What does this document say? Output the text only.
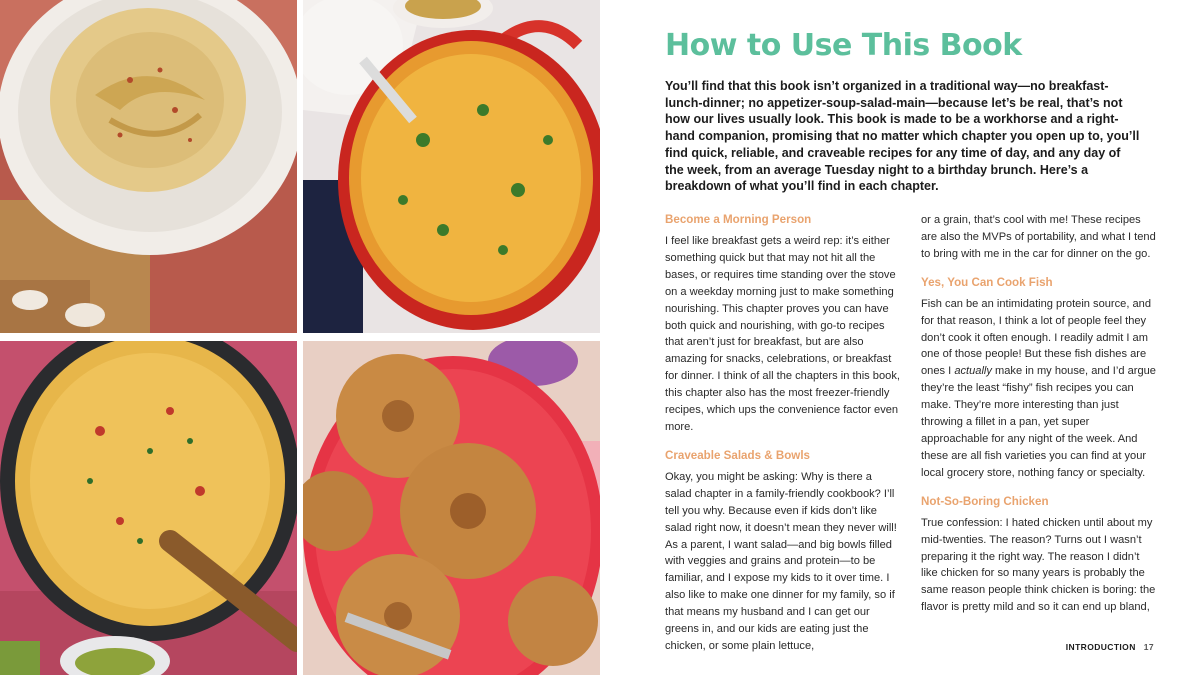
How to Use This Book

You’ll find that this book isn’t organized in a traditional way—no breakfast-lunch-dinner; no appetizer-soup-salad-main—because let’s be real, that’s not how our lives usually look. This book is made to be a workhorse and a right-hand companion, promising that no matter which chapter you open up to, you’ll find quick, reliable, and craveable recipes for any time of day, and any day of the week, from an average Tuesday night to a birthday brunch. Here’s a breakdown of what you’ll find in each chapter.

Become a Morning Person

I feel like breakfast gets a weird rep: it’s either something quick but that may not hit all the bases, or requires time standing over the stove on a weekday morning just to make something nourishing. This chapter proves you can have both quick and nourishing, with go-to recipes that aren’t just for breakfast, but are also amazing for snacks, celebrations, or breakfast for dinner. I think of all the chapters in this book, this chapter also has the most freezer-friendly recipes, which ups the convenience factor even more.

Craveable Salads & Bowls

Okay, you might be asking: Why is there a salad chapter in a family-friendly cookbook? I’ll tell you why. Because even if kids don’t like salad right now, it doesn’t mean they never will! As a parent, I want salad—and big bowls filled with veggies and grains and protein—to be familiar, and I expose my kids to it over time. I also like to make one dinner for my family, so if that means my husband and I can get our greens in, and our kids are eating just the chicken, or some plain lettuce,

or a grain, that’s cool with me! These recipes are also the MVPs of portability, and what I tend to bring with me in the car for dinner on the go.

Yes, You Can Cook Fish

Fish can be an intimidating protein source, and for that reason, I think a lot of people feel they don’t cook it often enough. I readily admit I am one of those people! But these fish dishes are ones I actually make in my house, and I’d argue they’re the least “fishy” fish recipes you can make. They’re more interesting than just throwing a fillet in a pan, yet super approachable for any night of the week. And these are all fish varieties you can find at your local grocery store, nothing fancy or specialty.

Not-So-Boring Chicken

True confession: I hated chicken until about my mid-twenties. The reason? Turns out I wasn’t preparing it the right way. The reason I didn’t like chicken for so many years is probably the same reason people think chicken is boring: the flavor is pretty mild and so it can end up bland,

INTRODUCTION 17
